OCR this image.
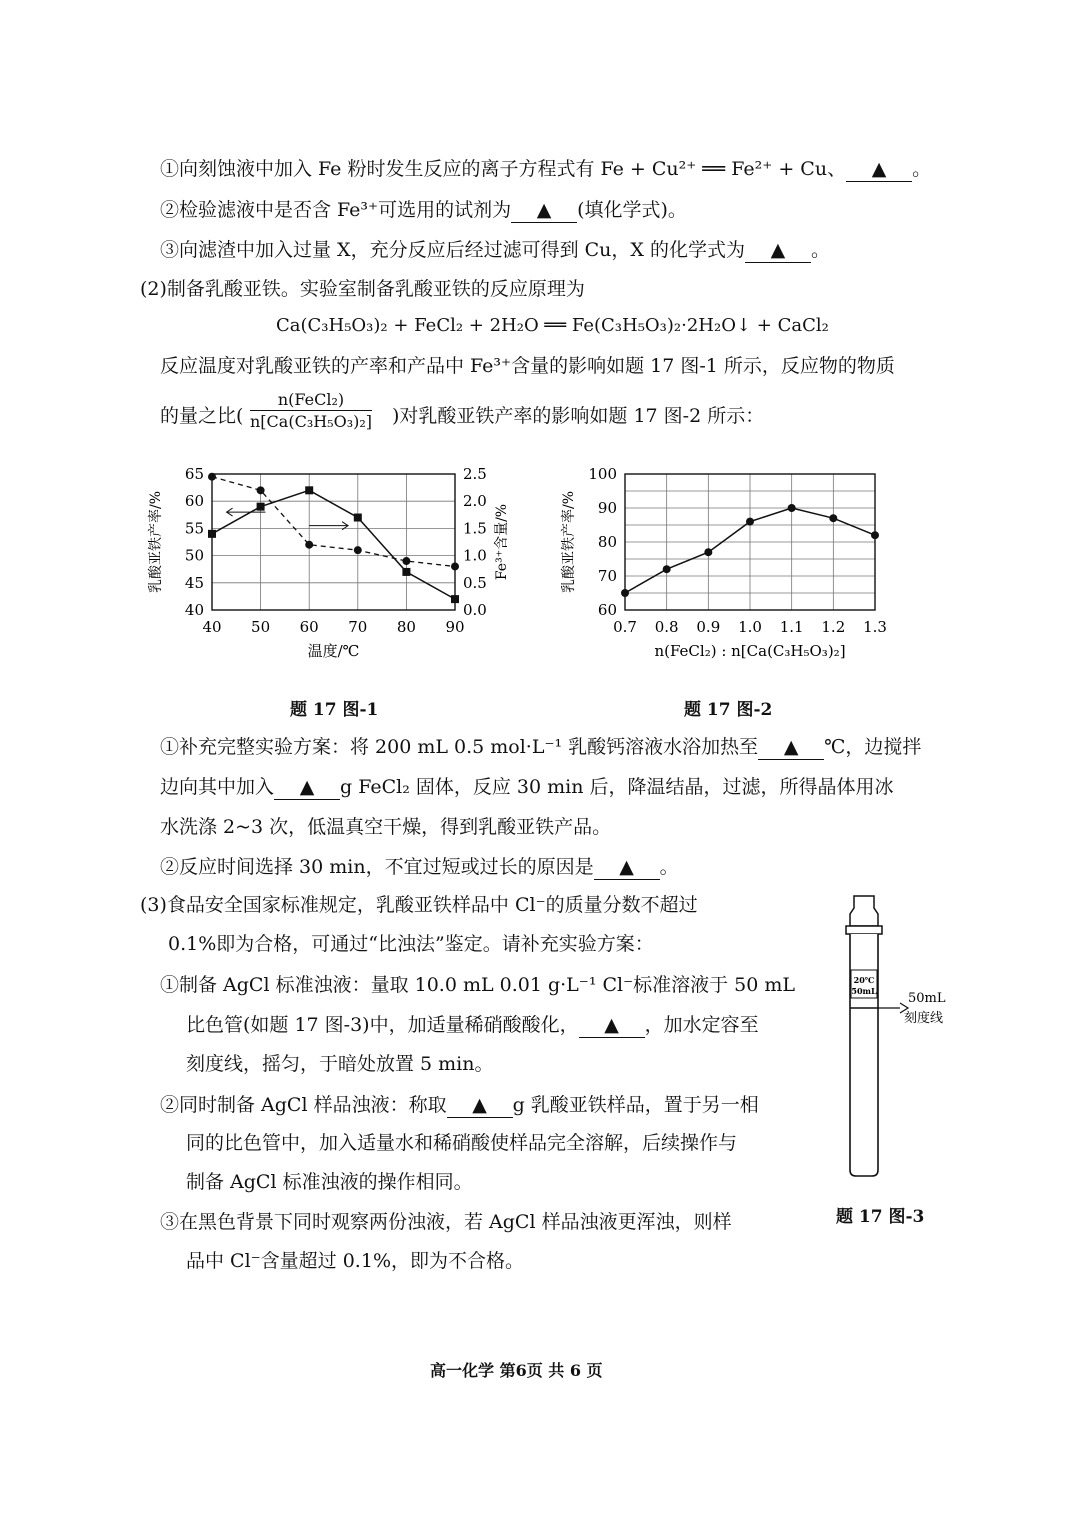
①向刻蚀液中加入 Fe 粉时发生反应的离子方程式有 Fe + Cu²⁺ ══ Fe²⁺ + Cu、 ▲ 。
②检验滤液中是否含 Fe³⁺可选用的试剂为 ▲ (填化学式)。
③向滤渣中加入过量 X，充分反应后经过滤可得到 Cu，X 的化学式为 ▲ 。
(2)制备乳酸亚铁。实验室制备乳酸亚铁的反应原理为
Ca(C₃H₅O₃)₂ + FeCl₂ + 2H₂O ══ Fe(C₃H₅O₃)₂·2H₂O↓ + CaCl₂
反应温度对乳酸亚铁的产率和产品中 Fe³⁺含量的影响如题 17 图-1 所示，反应物的物质
的量之比(
n(FeCl₂)
n[Ca(C₃H₅O₃)₂] )对乳酸亚铁产率的影响如题 17 图-2 所示：
40 50 60 70 80 90
40
45
50
55
60
65
0.0
0.5
1.0
1.5
2.0
2.5
温度/℃
乳酸亚铁产率/%	Fe³⁺含量/%
题 17 图-1
0.7 0.8 0.9 1.0 1.1 1.2 1.3
60
70
80
90
100
n(FeCl₂) : n[Ca(C₃H₅O₃)₂]
乳酸亚铁产率/%
题 17 图-2
①补充完整实验方案：将 200 mL 0.5 mol·L⁻¹ 乳酸钙溶液水浴加热至 ▲ ℃，边搅拌
边向其中加入 ▲ g FeCl₂ 固体，反应 30 min 后，降温结晶，过滤，所得晶体用冰
水洗涤 2~3 次，低温真空干燥，得到乳酸亚铁产品。
②反应时间选择 30 min，不宜过短或过长的原因是 ▲ 。
(3)食品安全国家标准规定，乳酸亚铁样品中 Cl⁻的质量分数不超过
0.1%即为合格，可通过“比浊法”鉴定。请补充实验方案：
①制备 AgCl 标准浊液：量取 10.0 mL 0.01 g·L⁻¹ Cl⁻标准溶液于 50 mL
比色管(如题 17 图-3)中，加适量稀硝酸酸化， ▲ ，加水定容至
刻度线，摇匀，于暗处放置 5 min。
②同时制备 AgCl 样品浊液：称取 ▲ g 乳酸亚铁样品，置于另一相
同的比色管中，加入适量水和稀硝酸使样品完全溶解，后续操作与
制备 AgCl 标准浊液的操作相同。
③在黑色背景下同时观察两份浊液，若 AgCl 样品浊液更浑浊，则样
品中 Cl⁻含量超过 0.1%，即为不合格。
20℃
50mL 50mL
刻度线
题 17 图-3
高一化学 第6页 共 6 页
